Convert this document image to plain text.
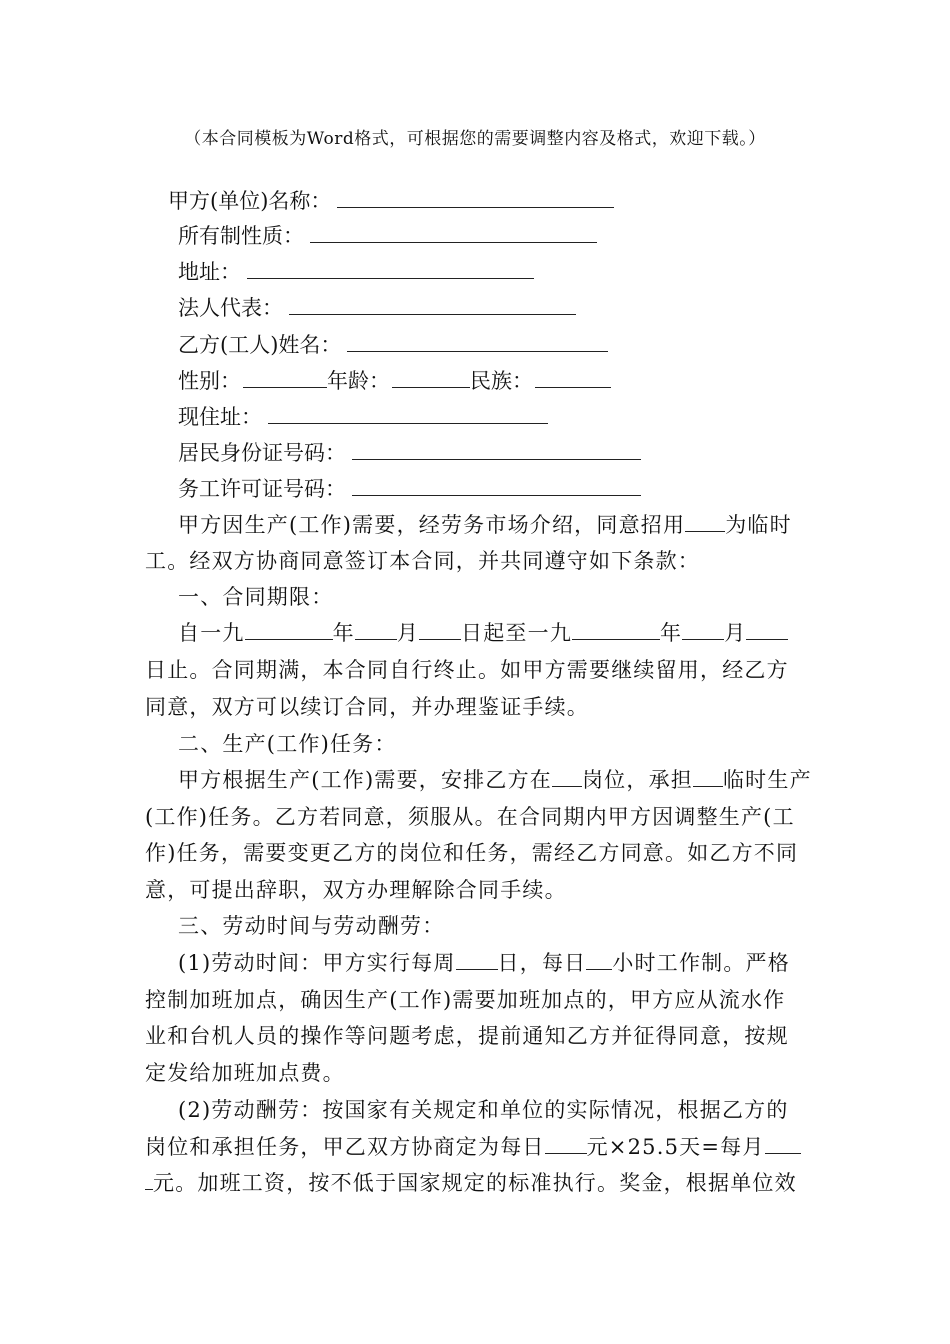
（本合同模板为Word格式，可根据您的需要调整内容及格式，欢迎下载。）
甲方(单位)名称：
所有制性质：
地址：
法人代表：
乙方(工人)姓名：
性别：	年龄：	民族：
现住址：
居民身份证号码：
务工许可证号码：
甲方因生产(工作)需要，经劳务市场介绍，同意招用 为临时
工。经双方协商同意签订本合同，并共同遵守如下条款：
一、合同期限：
自一九	年 月 日起至一九	年 月
日止。合同期满，本合同自行终止。如甲方需要继续留用，经乙方
同意，双方可以续订合同，并办理鉴证手续。
二、生产(工作)任务：
甲方根据生产(工作)需要，安排乙方在 岗位，承担 临时生产
(工作)任务。乙方若同意，须服从。在合同期内甲方因调整生产(工
作)任务，需要变更乙方的岗位和任务，需经乙方同意。如乙方不同
意，可提出辞职，双方办理解除合同手续。
三、劳动时间与劳动酬劳：
(1)劳动时间：甲方实行每周 日，每日 小时工作制。严格
控制加班加点，确因生产(工作)需要加班加点的，甲方应从流水作
业和台机人员的操作等问题考虑，提前通知乙方并征得同意，按规
定发给加班加点费。
(2)劳动酬劳：按国家有关规定和单位的实际情况，根据乙方的
岗位和承担任务，甲乙双方协商定为每日 元×25.5天=每月
元。加班工资，按不低于国家规定的标准执行。奖金，根据单位效
